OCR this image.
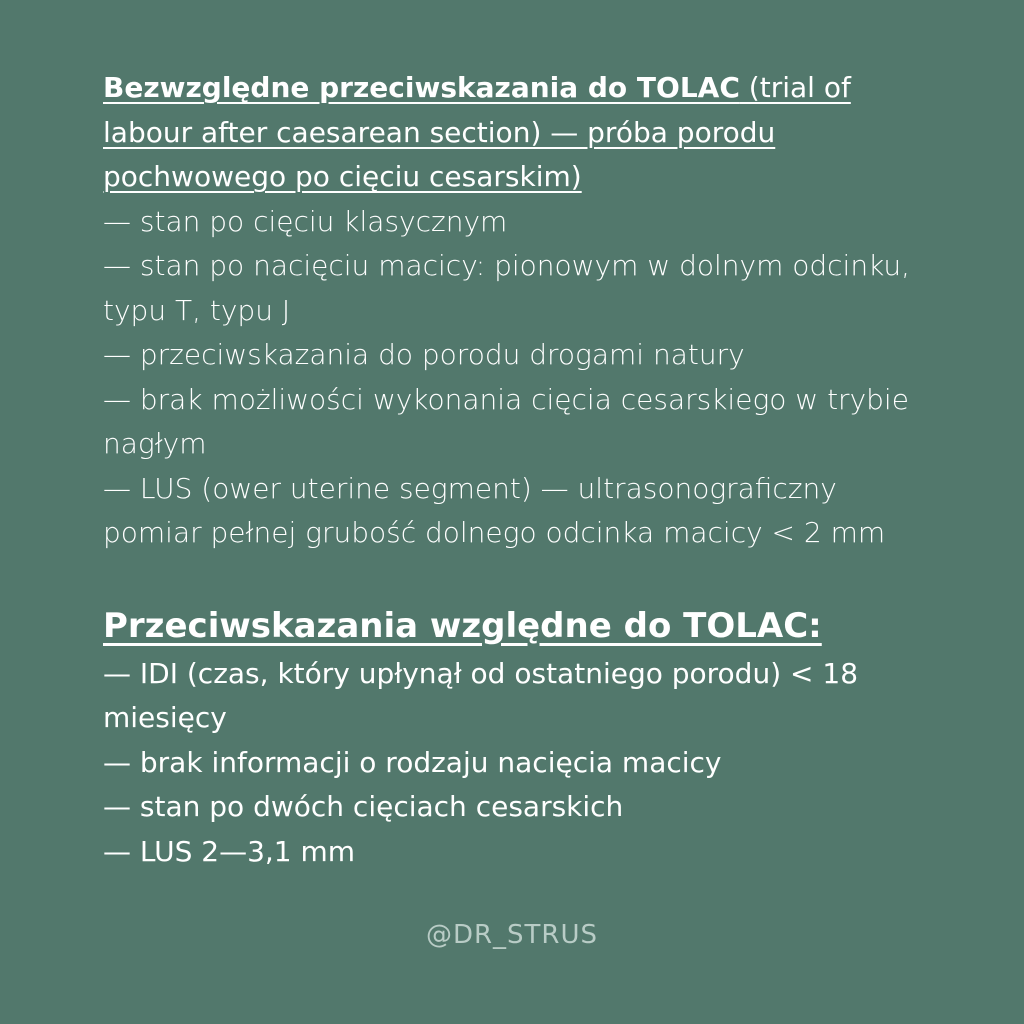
Bezwzględne przeciwskazania do TOLAC (trial of labour after caesarean section) — próba porodu pochwowego po cięciu cesarskim)

— stan po cięciu klasycznym

— stan po nacięciu macicy: pionowym w dolnym odcinku, typu T, typu J

— przeciwskazania do porodu drogami natury

— brak możliwości wykonania cięcia cesarskiego w trybie nagłym

— LUS (ower uterine segment) — ultrasonograficzny pomiar pełnej grubość dolnego odcinka macicy < 2 mm

Przeciwskazania względne do TOLAC:

— IDI (czas, który upłynął od ostatniego porodu) < 18 miesięcy

— brak informacji o rodzaju nacięcia macicy

— stan po dwóch cięciach cesarskich

— LUS 2—3,1 mm

@DR_STRUS
